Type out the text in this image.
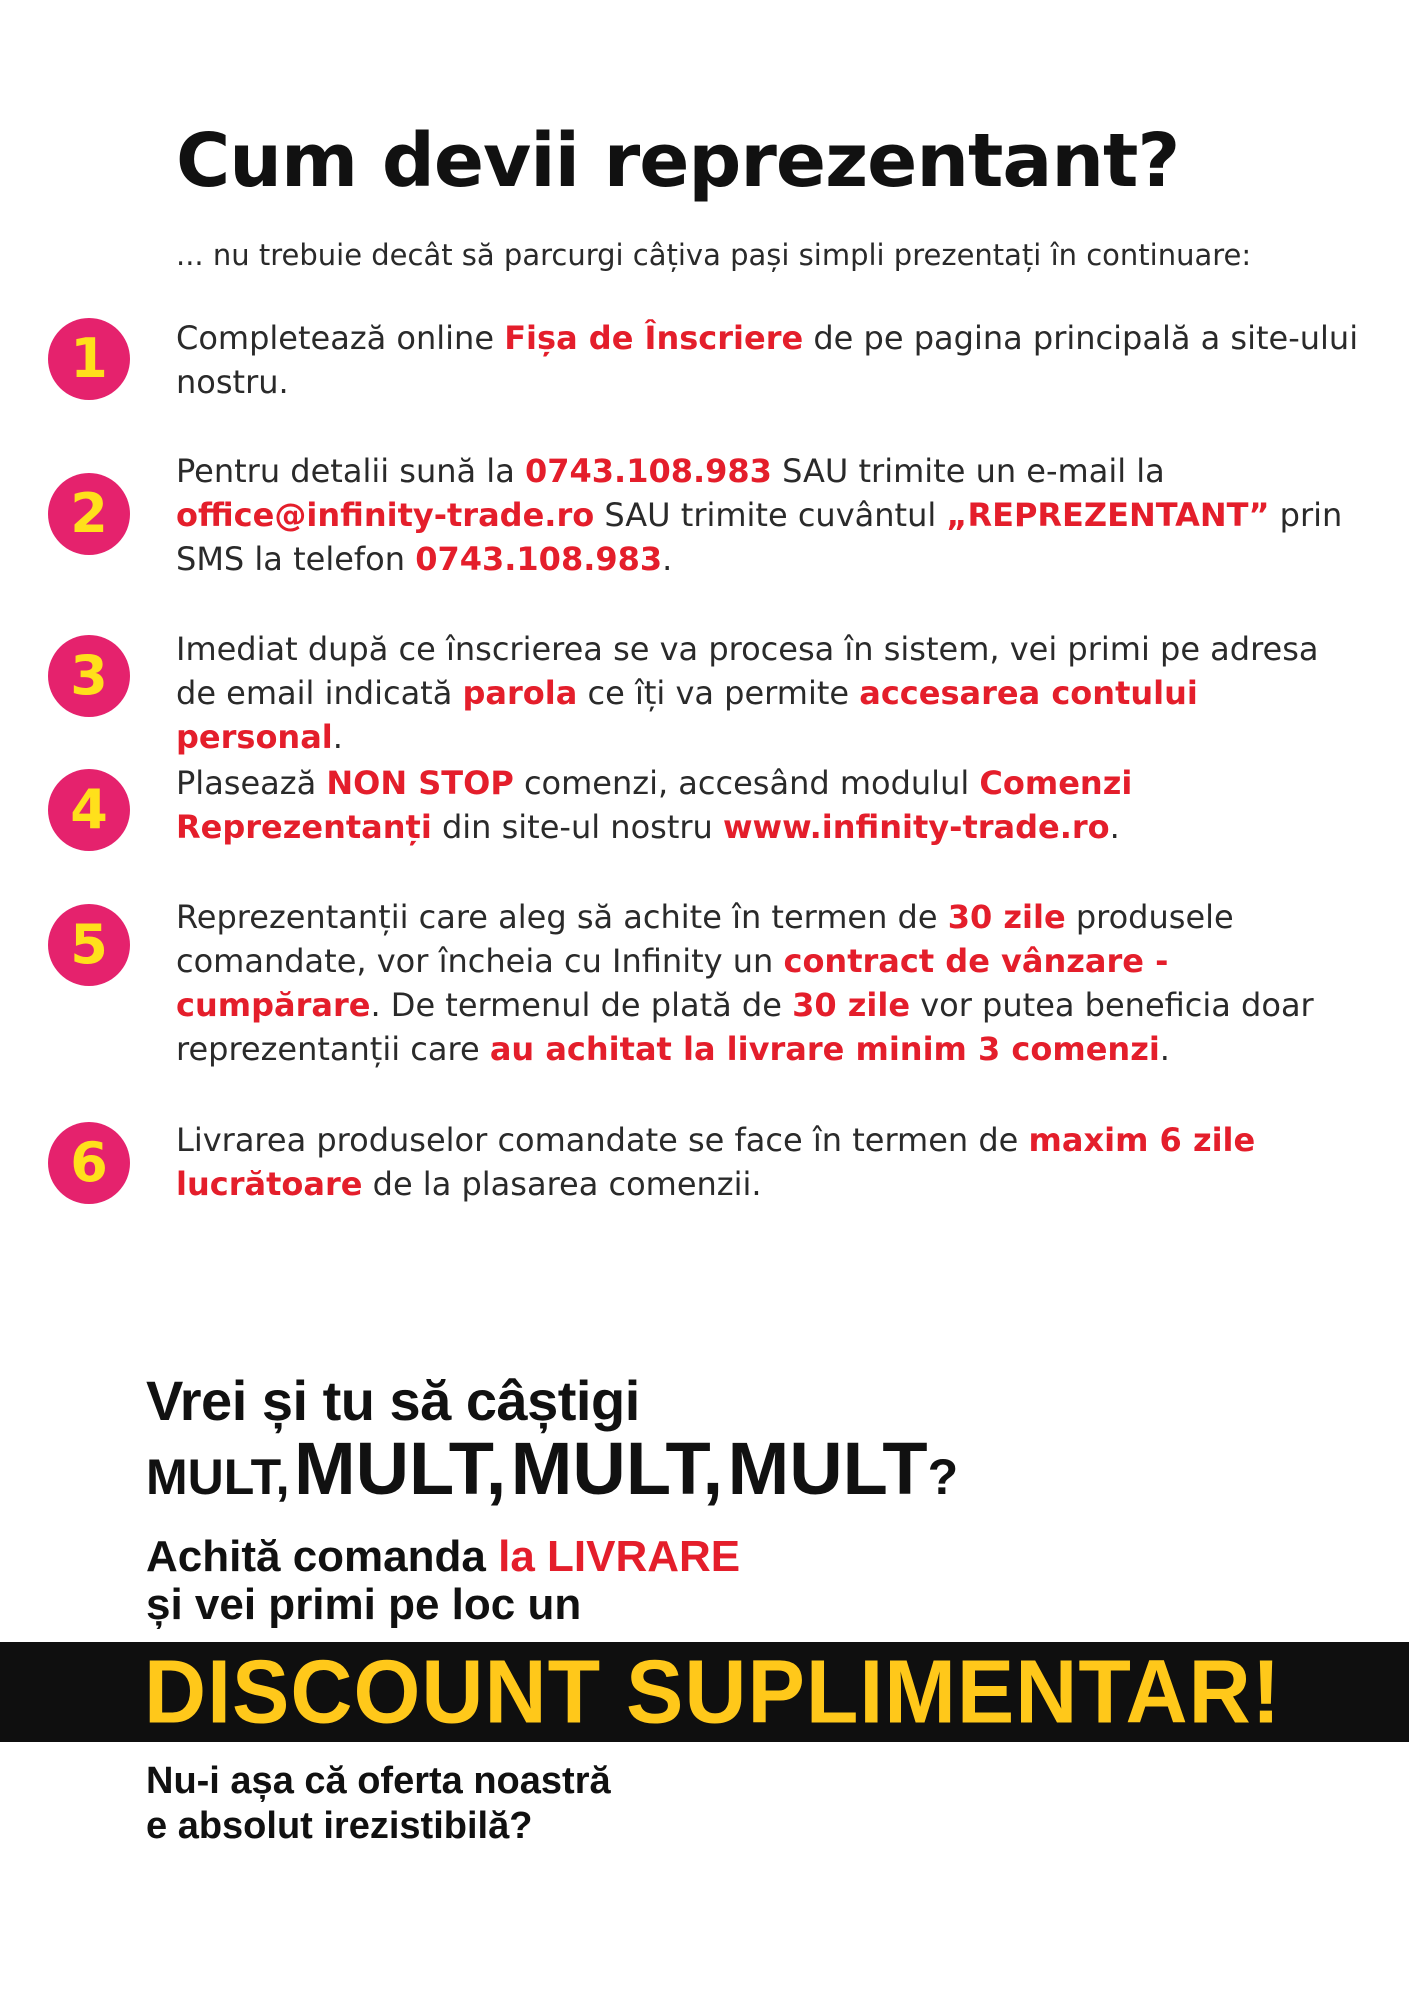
Cum devii reprezentant?
... nu trebuie decât să parcurgi câțiva pași simpli prezentați în continuare:
1 Completează online Fișa de Înscriere de pe pagina principală a site-ului nostru.

2

Pentru detalii sună la 0743.108.983 SAU trimite un e-mail la office@infinity-trade.ro SAU trimite cuvântul „REPREZENTANT” prin SMS la telefon 0743.108.983.

3 Imediat după ce înscrierea se va procesa în sistem, vei primi pe adresa de email indicată parola ce îți va permite accesarea contului personal.

4 Plasează NON STOP comenzi, accesând modulul Comenzi Reprezentanți din site-ul nostru www.infinity-trade.ro.

5 Reprezentanții care aleg să achite în termen de 30 zile produsele comandate, vor încheia cu Infinity un contract de vânzare - cumpărare. De termenul de plată de 30 zile vor putea beneficia doar reprezentanții care au achitat la livrare minim 3 comenzi.

6 Livrarea produselor comandate se face în termen de maxim 6 zile lucrătoare de la plasarea comenzii.

Vrei și tu să câștigi
MULT, MULT, MULT, MULT?
Achită comanda la LIVRARE
și vei primi pe loc un
DISCOUNT SUPLIMENTAR!
Nu-i așa că oferta noastră
e absolut irezistibilă?
